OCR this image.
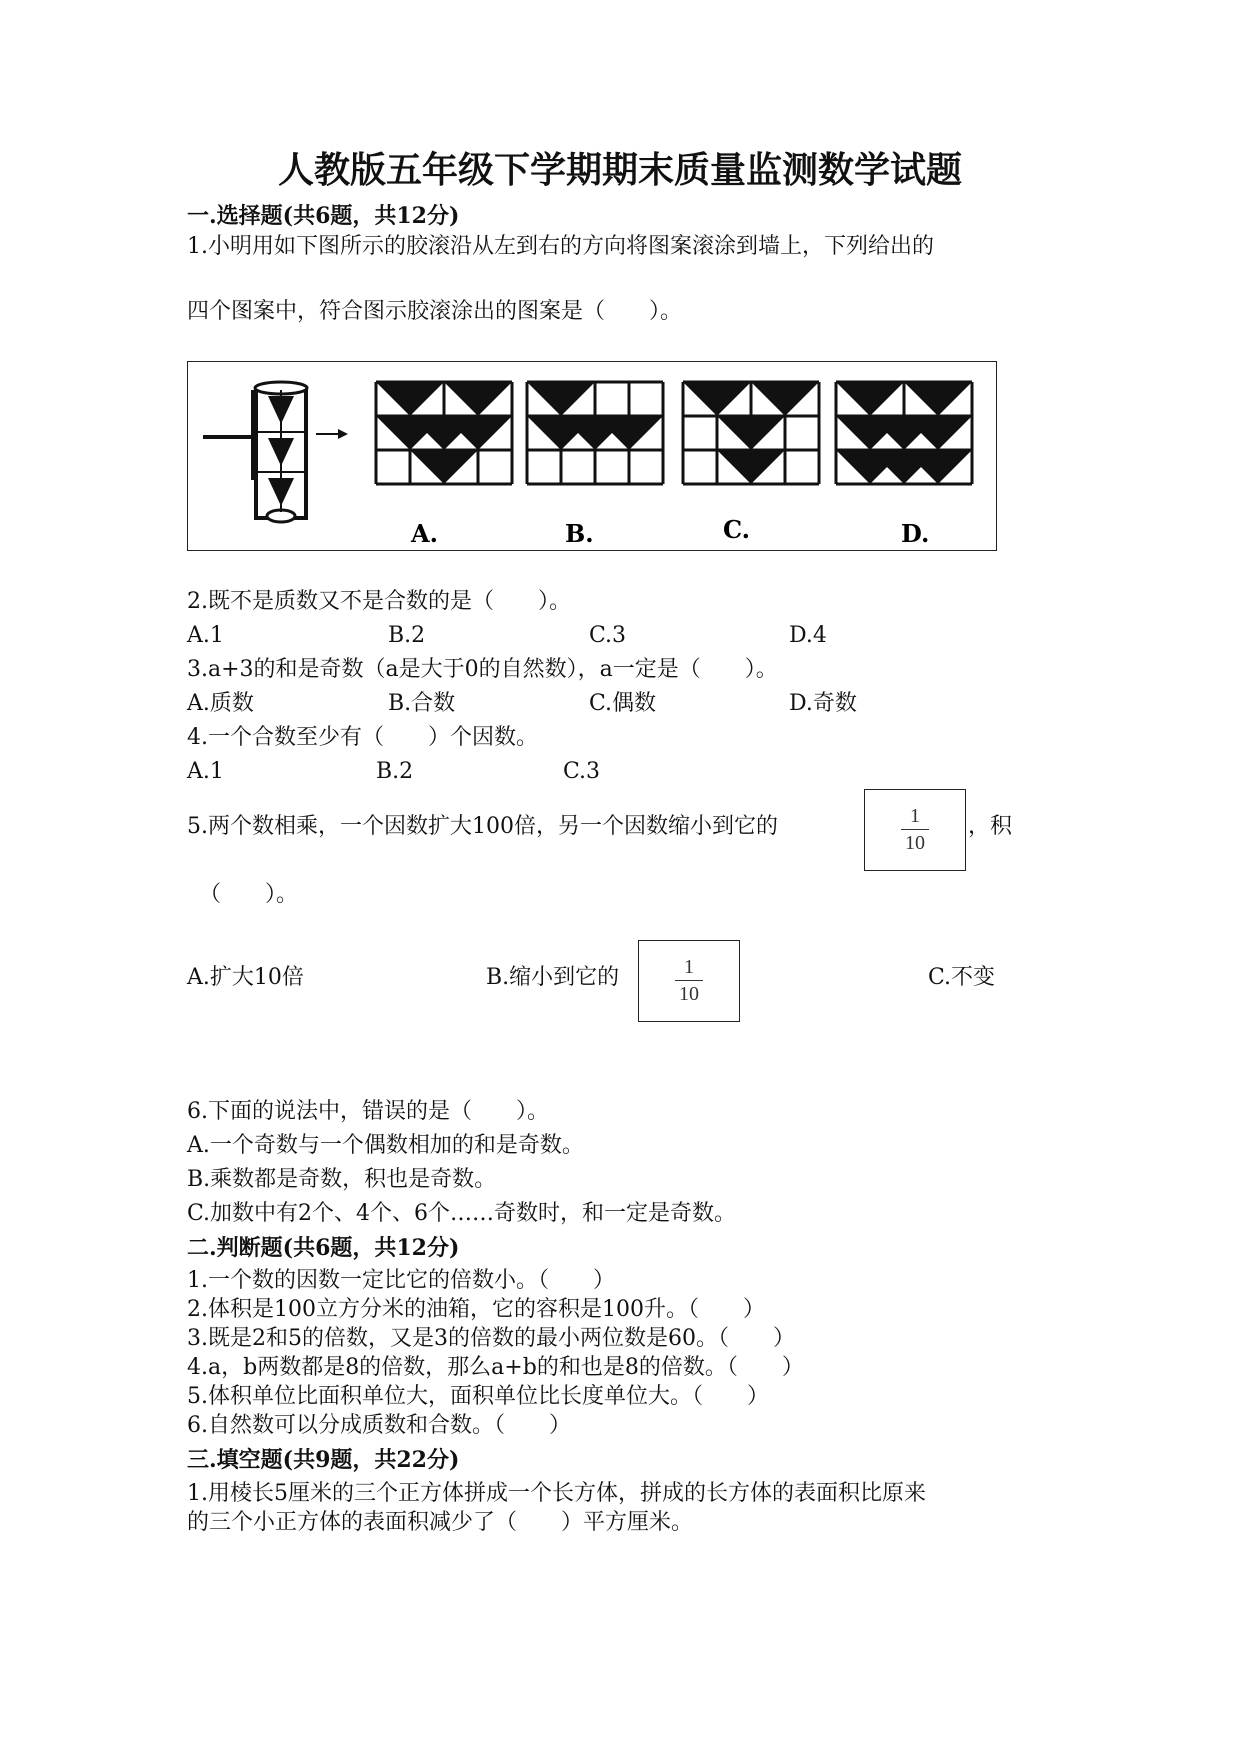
人教版五年级下学期期末质量监测数学试题
一.选择题(共6题，共12分)
1.小明用如下图所示的胶滚沿从左到右的方向将图案滚涂到墙上，下列给出的
四个图案中，符合图示胶滚涂出的图案是（　　）。
A.	B.	C.	D.
2.既不是质数又不是合数的是（　　）。
A.1	B.2	C.3	D.4
3.a+3的和是奇数（a是大于0的自然数），a一定是（　　）。
A.质数	B.合数	C.偶数	D.奇数
4.一个合数至少有（　　）个因数。
A.1	B.2	C.3
5.两个数相乘，一个因数扩大100倍，另一个因数缩小到它的	1
10
，积
（　　）。
A.扩大10倍	B.缩小到它的	1
10
C.不变
6.下面的说法中，错误的是（　　）。
A.一个奇数与一个偶数相加的和是奇数。
B.乘数都是奇数，积也是奇数。
C.加数中有2个、4个、6个……奇数时，和一定是奇数。
二.判断题(共6题，共12分)
1.一个数的因数一定比它的倍数小。（　　）
2.体积是100立方分米的油箱，它的容积是100升。（　　）
3.既是2和5的倍数，又是3的倍数的最小两位数是60。（　　）
4.a，b两数都是8的倍数，那么a+b的和也是8的倍数。（　　）
5.体积单位比面积单位大，面积单位比长度单位大。（　　）
6.自然数可以分成质数和合数。（　　）
三.填空题(共9题，共22分)
1.用棱长5厘米的三个正方体拼成一个长方体，拼成的长方体的表面积比原来
的三个小正方体的表面积减少了（　　）平方厘米。
